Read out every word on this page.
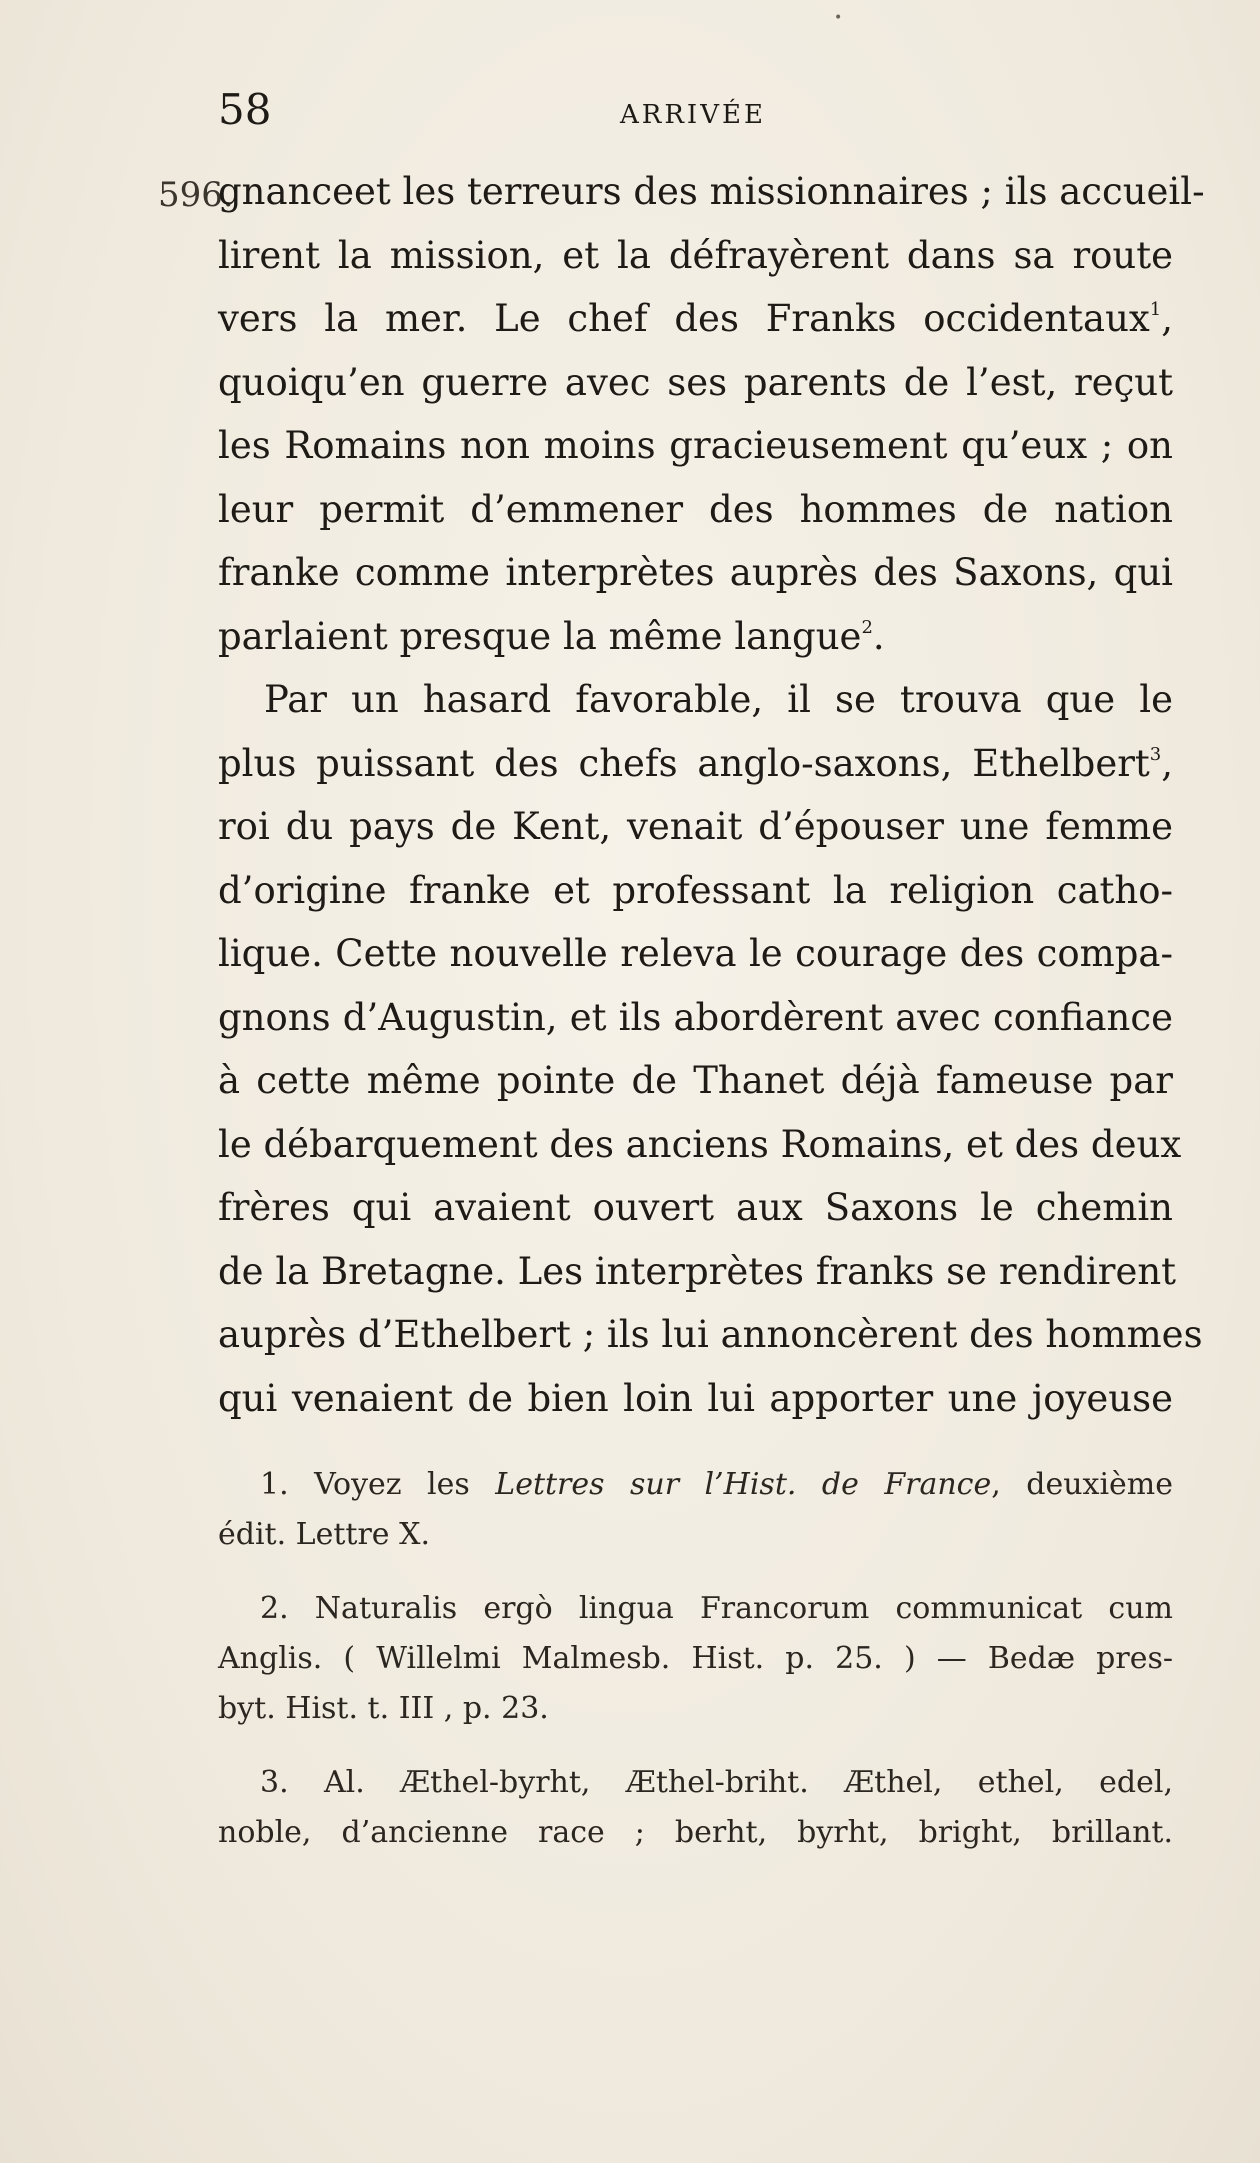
•
58	ARRIVÉE
596.
gnanceet les terreurs des missionnaires ; ils accueil-
lirent la mission, et la défrayèrent dans sa route
vers la mer. Le chef des Franks occidentaux$^1$,
quoiqu’en guerre avec ses parents de l’est, reçut
les Romains non moins gracieusement qu’eux ; on
leur permit d’emmener des hommes de nation
franke comme interprètes auprès des Saxons, qui
parlaient presque la même langue$^2$.
Par un hasard favorable, il se trouva que le
plus puissant des chefs anglo-saxons, Ethelbert$^3$,
roi du pays de Kent, venait d’épouser une femme
d’origine franke et professant la religion catho-
lique. Cette nouvelle releva le courage des compa-
gnons d’Augustin, et ils abordèrent avec confiance
à cette même pointe de Thanet déjà fameuse par
le débarquement des anciens Romains, et des deux
frères qui avaient ouvert aux Saxons le chemin
de la Bretagne. Les interprètes franks se rendirent
auprès d’Ethelbert ; ils lui annoncèrent des hommes
qui venaient de bien loin lui apporter une joyeuse
1. Voyez les Lettres sur l’Hist. de France, deuxième
édit. Lettre X.
2. Naturalis ergò lingua Francorum communicat cum
Anglis. ( Willelmi Malmesb. Hist. p. 25. ) — Bedæ pres-
byt. Hist. t. III , p. 23.
3. Al. Æthel-byrht, Æthel-briht. Æthel, ethel, edel,
noble, d’ancienne race ; berht, byrht, bright, brillant.
